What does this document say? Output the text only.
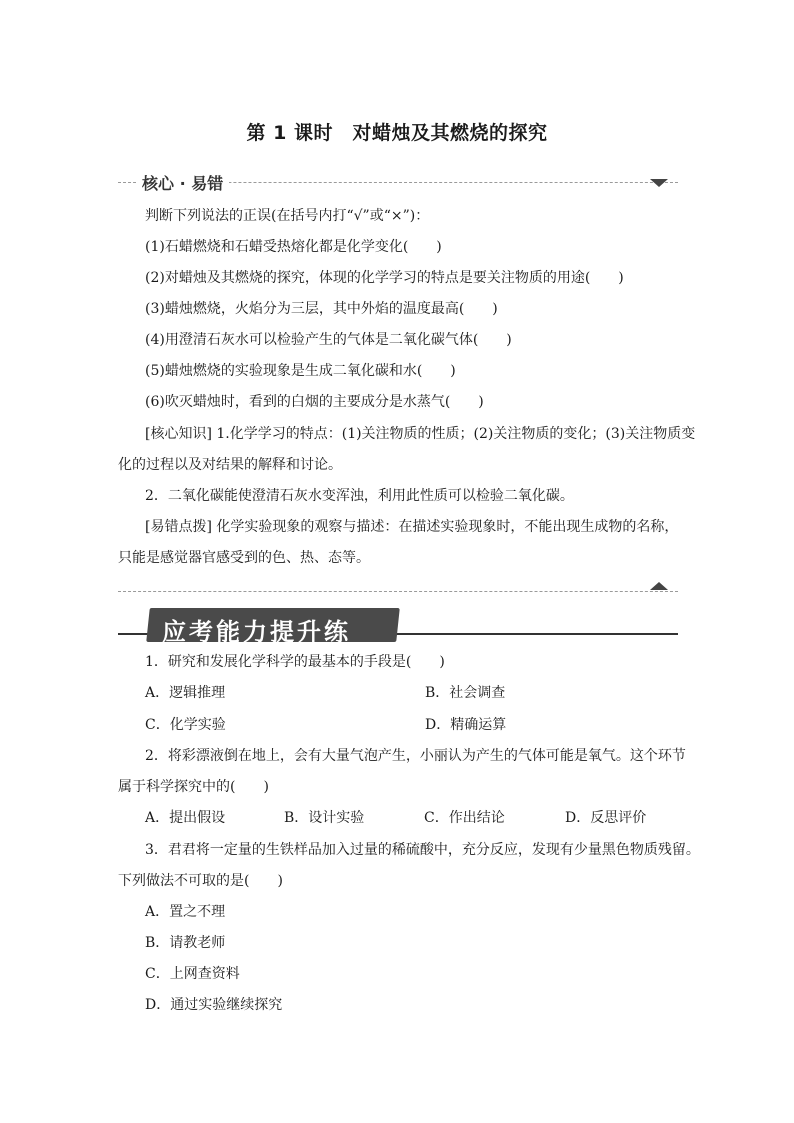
第 1 课时　对蜡烛及其燃烧的探究
核心 · 易错
判断下列说法的正误(在括号内打“√”或“×”)：
(1)石蜡燃烧和石蜡受热熔化都是化学变化(　　)
(2)对蜡烛及其燃烧的探究，体现的化学学习的特点是要关注物质的用途(　　)
(3)蜡烛燃烧，火焰分为三层，其中外焰的温度最高(　　)
(4)用澄清石灰水可以检验产生的气体是二氧化碳气体(　　)
(5)蜡烛燃烧的实验现象是生成二氧化碳和水(　　)
(6)吹灭蜡烛时，看到的白烟的主要成分是水蒸气(　　)
[核心知识] 1.化学学习的特点：(1)关注物质的性质；(2)关注物质的变化；(3)关注物质变
化的过程以及对结果的解释和讨论。
2．二氧化碳能使澄清石灰水变浑浊，利用此性质可以检验二氧化碳。
[易错点拨] 化学实验现象的观察与描述：在描述实验现象时，不能出现生成物的名称，
只能是感觉器官感受到的色、热、态等。
应考能力提升练
1．研究和发展化学科学的最基本的手段是(　　)
A．逻辑推理	B．社会调查
C．化学实验	D．精确运算
2．将彩漂液倒在地上，会有大量气泡产生，小丽认为产生的气体可能是氧气。这个环节
属于科学探究中的(　　)
A．提出假设	B．设计实验	C．作出结论	D．反思评价
3．君君将一定量的生铁样品加入过量的稀硫酸中，充分反应，发现有少量黑色物质残留。
下列做法不可取的是(　　)
A．置之不理
B．请教老师
C．上网查资料
D．通过实验继续探究
